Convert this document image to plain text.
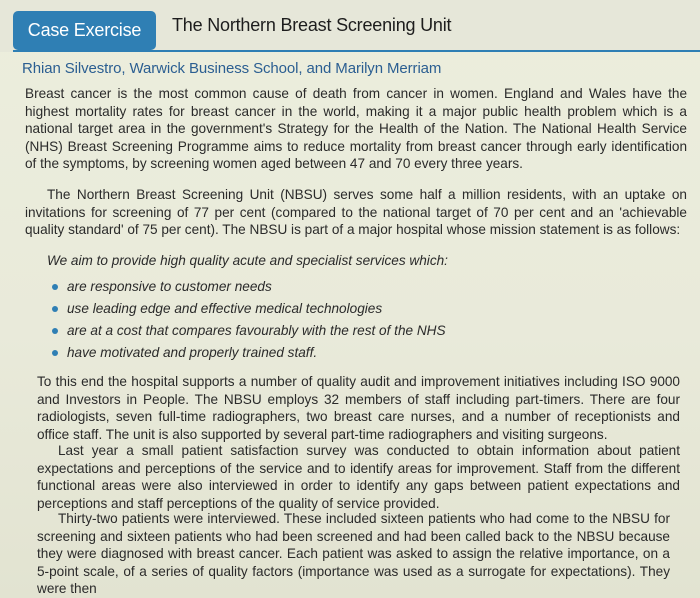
Case Exercise	The Northern Breast Screening Unit
Rhian Silvestro, Warwick Business School, and Marilyn Merriam

Breast cancer is the most common cause of death from cancer in women. England and Wales have the highest mortality rates for breast cancer in the world, making it a major public health problem which is a national target area in the government's Strategy for the Health of the Nation. The National Health Service (NHS) Breast Screening Programme aims to reduce mortality from breast cancer through early identification of the symptoms, by screening women aged between 47 and 70 every three years.

The Northern Breast Screening Unit (NBSU) serves some half a million residents, with an uptake on invitations for screening of 77 per cent (compared to the national target of 70 per cent and an 'achievable quality standard' of 75 per cent). The NBSU is part of a major hospital whose mission statement is as follows:

We aim to provide high quality acute and specialist services which:
are responsive to customer needs
use leading edge and effective medical technologies
are at a cost that compares favourably with the rest of the NHS
have motivated and properly trained staff.

To this end the hospital supports a number of quality audit and improvement initiatives including ISO 9000 and Investors in People. The NBSU employs 32 members of staff including part-timers. There are four radiologists, seven full-time radiographers, two breast care nurses, and a number of receptionists and office staff. The unit is also supported by several part-time radiographers and visiting surgeons.

Last year a small patient satisfaction survey was conducted to obtain information about patient expectations and perceptions of the service and to identify areas for improvement. Staff from the different functional areas were also interviewed in order to identify any gaps between patient expectations and perceptions and staff perceptions of the quality of service provided.

Thirty-two patients were interviewed. These included sixteen patients who had come to the NBSU for screening and sixteen patients who had been screened and had been called back to the NBSU because they were diagnosed with breast cancer. Each patient was asked to assign the relative importance, on a 5-point scale, of a series of quality factors (importance was used as a surrogate for expectations). They were then
